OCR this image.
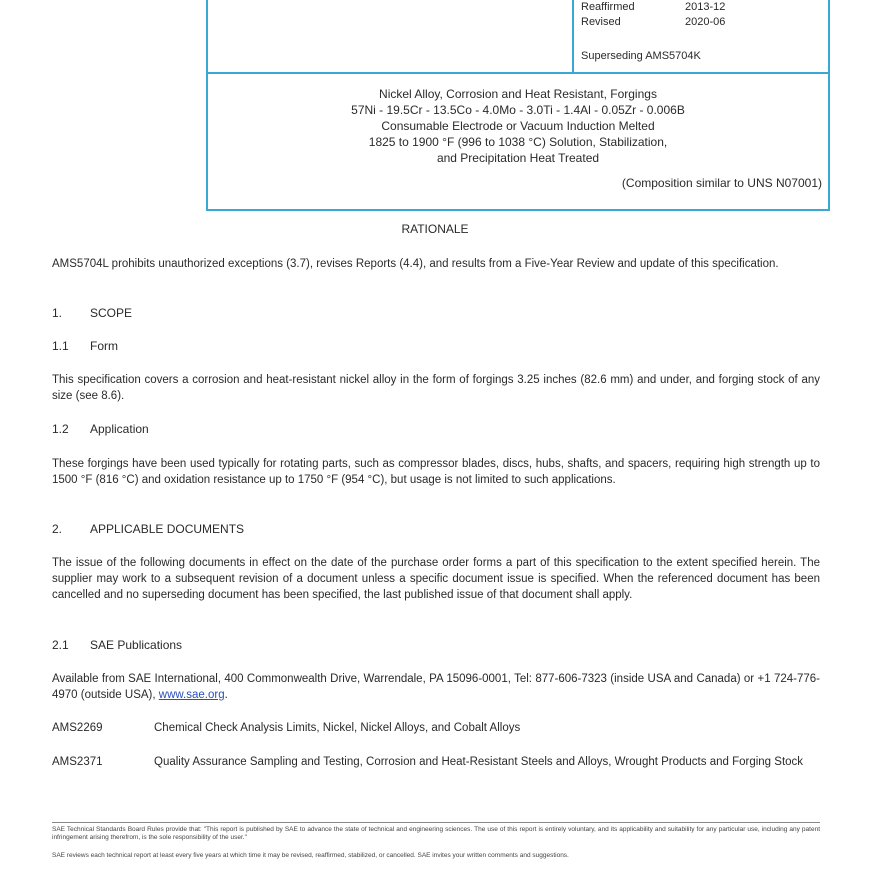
Reaffirmed	2013-12
Revised	2020-06
Superseding AMS5704K
Nickel Alloy, Corrosion and Heat Resistant, Forgings
57Ni - 19.5Cr - 13.5Co - 4.0Mo - 3.0Ti - 1.4Al - 0.05Zr - 0.006B
Consumable Electrode or Vacuum Induction Melted
1825 to 1900 °F (996 to 1038 °C) Solution, Stabilization,
and Precipitation Heat Treated
(Composition similar to UNS N07001)
RATIONALE
AMS5704L prohibits unauthorized exceptions (3.7), revises Reports (4.4), and results from a Five-Year Review and update of this specification.
1.	SCOPE
1.1	Form
This specification covers a corrosion and heat-resistant nickel alloy in the form of forgings 3.25 inches (82.6 mm) and under, and forging stock of any size (see 8.6).
1.2	Application
These forgings have been used typically for rotating parts, such as compressor blades, discs, hubs, shafts, and spacers, requiring high strength up to 1500 °F (816 °C) and oxidation resistance up to 1750 °F (954 °C), but usage is not limited to such applications.
2.	APPLICABLE DOCUMENTS
The issue of the following documents in effect on the date of the purchase order forms a part of this specification to the extent specified herein. The supplier may work to a subsequent revision of a document unless a specific document issue is specified. When the referenced document has been cancelled and no superseding document has been specified, the last published issue of that document shall apply.
2.1	SAE Publications
Available from SAE International, 400 Commonwealth Drive, Warrendale, PA 15096-0001, Tel: 877-606-7323 (inside USA and Canada) or +1 724-776-4970 (outside USA), www.sae.org.
AMS2269	Chemical Check Analysis Limits, Nickel, Nickel Alloys, and Cobalt Alloys
AMS2371	Quality Assurance Sampling and Testing, Corrosion and Heat-Resistant Steels and Alloys, Wrought Products and Forging Stock
SAE Technical Standards Board Rules provide that: "This report is published by SAE to advance the state of technical and engineering sciences. The use of this report is entirely voluntary, and its applicability and suitability for any particular use, including any patent infringement arising therefrom, is the sole responsibility of the user."
SAE reviews each technical report at least every five years at which time it may be revised, reaffirmed, stabilized, or cancelled. SAE invites your written comments and suggestions.
